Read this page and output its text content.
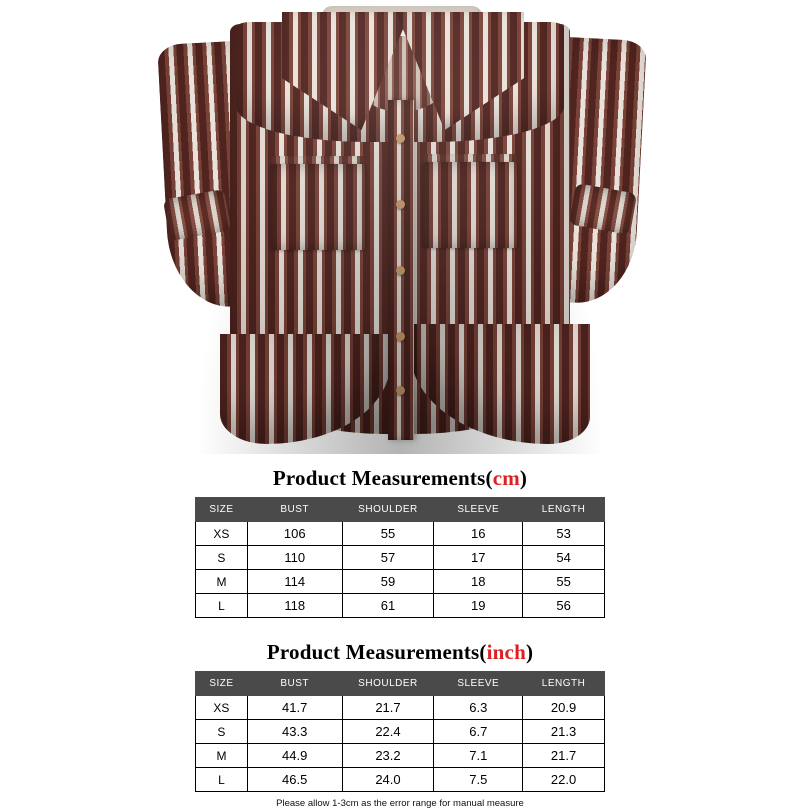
Product Measurements(cm)
SIZE	BUST	SHOULDER	SLEEVE	LENGTH
XS	106	55	16	53
S	110	57	17	54
M	114	59	18	55
L	118	61	19	56
Product Measurements(inch)
SIZE	BUST	SHOULDER	SLEEVE	LENGTH
XS	41.7	21.7	6.3	20.9
S	43.3	22.4	6.7	21.3
M	44.9	23.2	7.1	21.7
L	46.5	24.0	7.5	22.0
Please allow 1-3cm as the error range for manual measure
